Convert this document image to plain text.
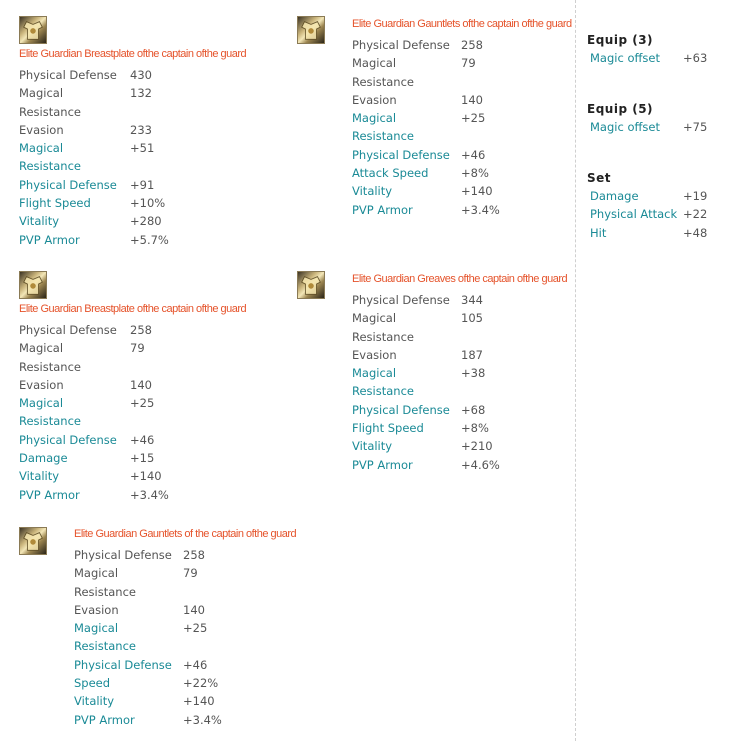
Elite Guardian Breastplate ofthe captain ofthe guard
Physical Defense 430
Magical	132
Resistance
Evasion	233
Magical	+51
Resistance
Physical Defense +91
Flight Speed	+10%
Vitality	+280
PVP Armor	+5.7%
Elite Guardian Gauntlets ofthe captain ofthe guard
Physical Defense 258
Magical	79
Resistance
Evasion	140
Magical	+25
Resistance
Physical Defense +46
Attack Speed	+8%
Vitality	+140
PVP Armor	+3.4%
Elite Guardian Breastplate ofthe captain ofthe guard
Physical Defense 258
Magical	79
Resistance
Evasion	140
Magical	+25
Resistance
Physical Defense +46
Damage	+15
Vitality	+140
PVP Armor	+3.4%
Elite Guardian Greaves ofthe captain ofthe guard
Physical Defense 344
Magical	105
Resistance
Evasion	187
Magical	+38
Resistance
Physical Defense +68
Flight Speed	+8%
Vitality	+210
PVP Armor	+4.6%
Elite Guardian Gauntlets of the captain ofthe guard
Physical Defense 258
Magical	79
Resistance
Evasion	140
Magical	+25
Resistance
Physical Defense +46
Speed	+22%
Vitality	+140
PVP Armor	+3.4%
Equip (3)
Magic offset +63
Equip (5)
Magic offset +75
Set
Damage	+19
Physical Attack +22
Hit	+48
